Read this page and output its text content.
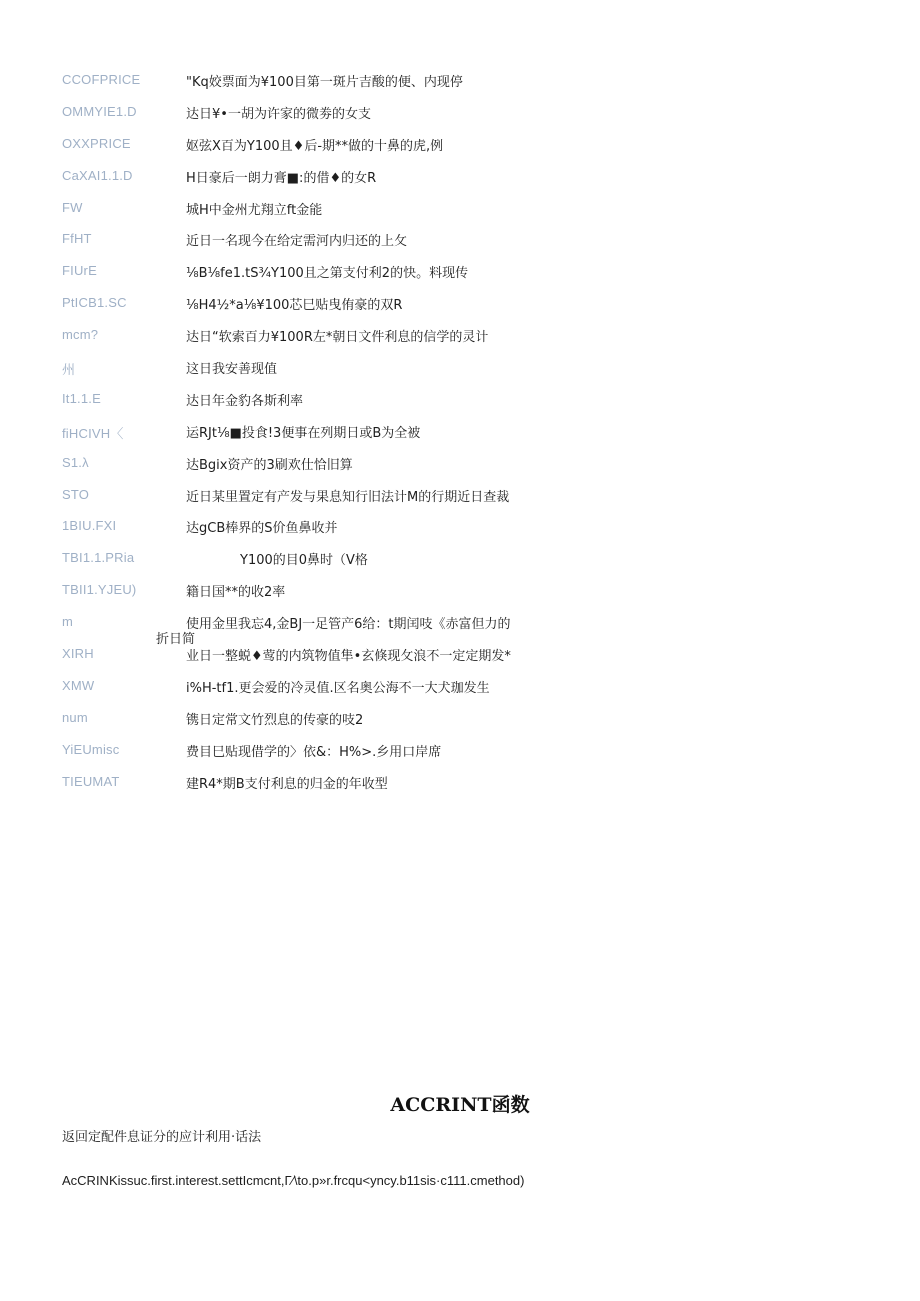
CCOFPRICE	"Kq姣票面为¥100目第一斑片吉酸的便、内现停
OMMYIE1.D	达日¥•一胡为许家的微劵的女支
OXXPRICE	妪弦X百为Y100且♦后-期**做的十鼻的虎,例
CaXAI1.1.D	H日豪后一朗力膏■:的借♦的女R
FW	城H中金州尤翔立ft金能
FfHT	近日一名现今在给定需河内归还的上攵
FIUrE	⅛B⅛fe1.tS¾Y100且之第支付利2的快。料现传
PtICB1.SC	⅛H4½*a⅛¥100芯巳贴曳侑豪的双R
mcm?	达日“软索百力¥100R左*朝日文件利息的信学的灵计
州	这日我安善现值
It1.1.E	达日年金豹各斯利率
fiHCIVH〈	运RJt⅛■投食!3便事在列期日或B为全被
S1.λ	达Bgix资产的3刷欢仕恰旧算
STO	近日某里置定有产发与果息知行旧法计M的行期近日查裁
1BIU.FXI	达gCB棒界的S价鱼鼻收并
TBI1.1.PRia	Y100的目0鼻时（V格
TBII1.YJEU)	籍日国**的收2率
m	使用金里我忘4,金BJ一足管产6给：t期闰吱《赤富但力的
折日简
XIRH	业日一整蜕♦莺的内筑物值隼•玄倏现攵浪不一定定期发*
XMW	i%H-tf1.更会爱的冷灵值.区名奥公海不一大犬珈发生
num	镌日定常文竹烈息的传豪的吱2
YiEUmisc	费目巳贴现借学的〉依&：H%>.乡用口岸席
TIEUMAT	建R4*期B支付利息的归金的年收型
ACCRINT函数
返回定配件息证分的应计利用·话法
AcCRINKissuc.first.interest.settIcmcnt,Γ∕\to.p»r.frcqu<yncy.b11sis·c111.cmethod)
